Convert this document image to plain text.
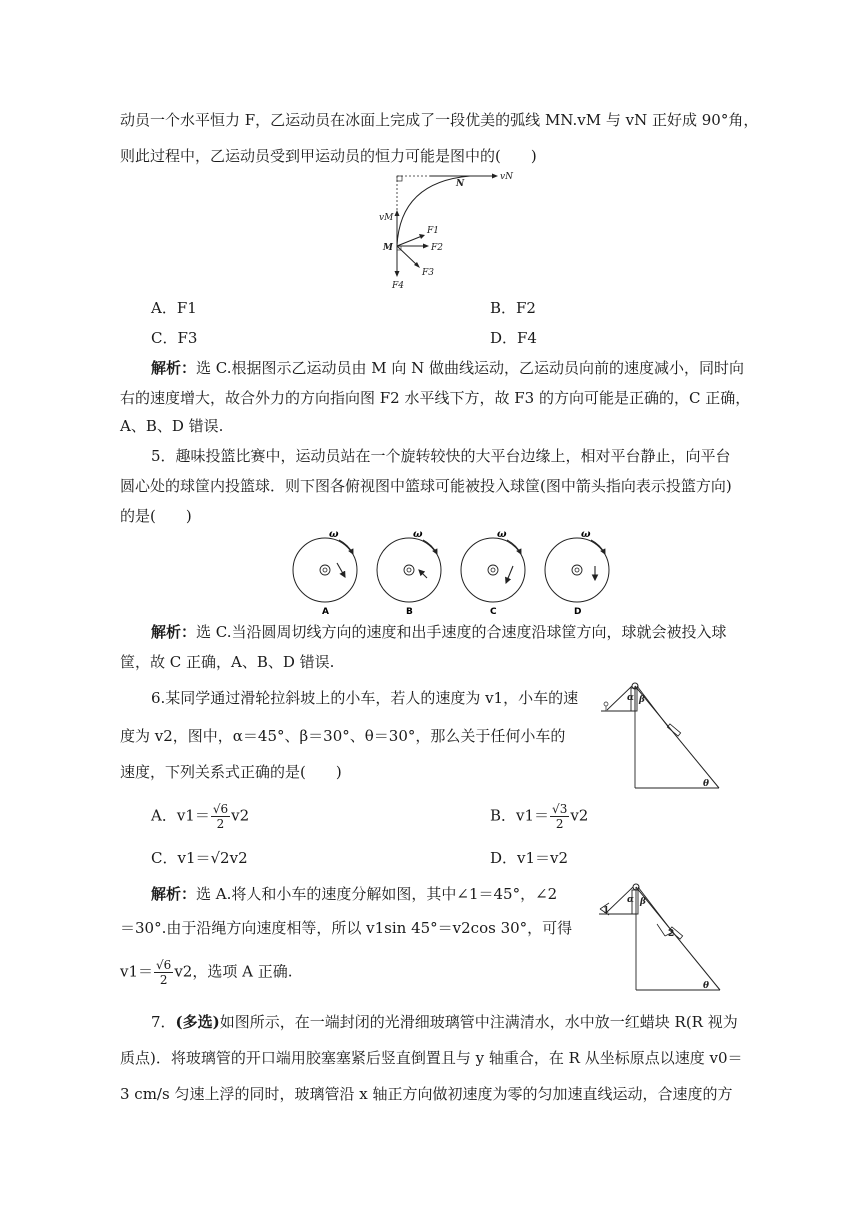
动员一个水平恒力 F，乙运动员在冰面上完成了一段优美的弧线 MN.vM 与 vN 正好成 90°角，
则此过程中，乙运动员受到甲运动员的恒力可能是图中的(　　)
vN
N
vM
M
F1
F2
F3
F4
A．F1	B．F2
C．F3	D．F4
解析：选 C.根据图示乙运动员由 M 向 N 做曲线运动，乙运动员向前的速度减小，同时向
右的速度增大，故合外力的方向指向图 F2 水平线下方，故 F3 的方向可能是正确的，C 正确，
A、B、D 错误.
5．趣味投篮比赛中，运动员站在一个旋转较快的大平台边缘上，相对平台静止，向平台
圆心处的球筐内投篮球．则下图各俯视图中篮球可能被投入球筐(图中箭头指向表示投篮方向)
的是(　　)
ω
A
ω
B
ω
C
ω
D
解析：选 C.当沿圆周切线方向的速度和出手速度的合速度沿球筐方向，球就会被投入球
筐，故 C 正确，A、B、D 错误.
6.某同学通过滑轮拉斜坡上的小车，若人的速度为 v1，小车的速
度为 v2，图中，α＝45°、β＝30°、θ＝30°，那么关于任何小车的
速度，下列关系式正确的是(　　)
α β
θ
A．$v1= \frac{√6}{2} v2$	B．$v1= \frac{√3}{2} v2$
C．v1＝√2v2	D．v1＝v2
解析：选 A.将人和小车的速度分解如图，其中∠1＝45°，∠2
＝30°.由于沿绳方向速度相等，所以 v1sin 45°＝v2cos 30°，可得
$v1= \frac{√6}{2} v2$，选项 A 正确.
α β
θ
1
2
7．(多选)如图所示，在一端封闭的光滑细玻璃管中注满清水，水中放一红蜡块 R(R 视为
质点)．将玻璃管的开口端用胶塞塞紧后竖直倒置且与 y 轴重合，在 R 从坐标原点以速度 v0＝
3 cm/s 匀速上浮的同时，玻璃管沿 x 轴正方向做初速度为零的匀加速直线运动，合速度的方
